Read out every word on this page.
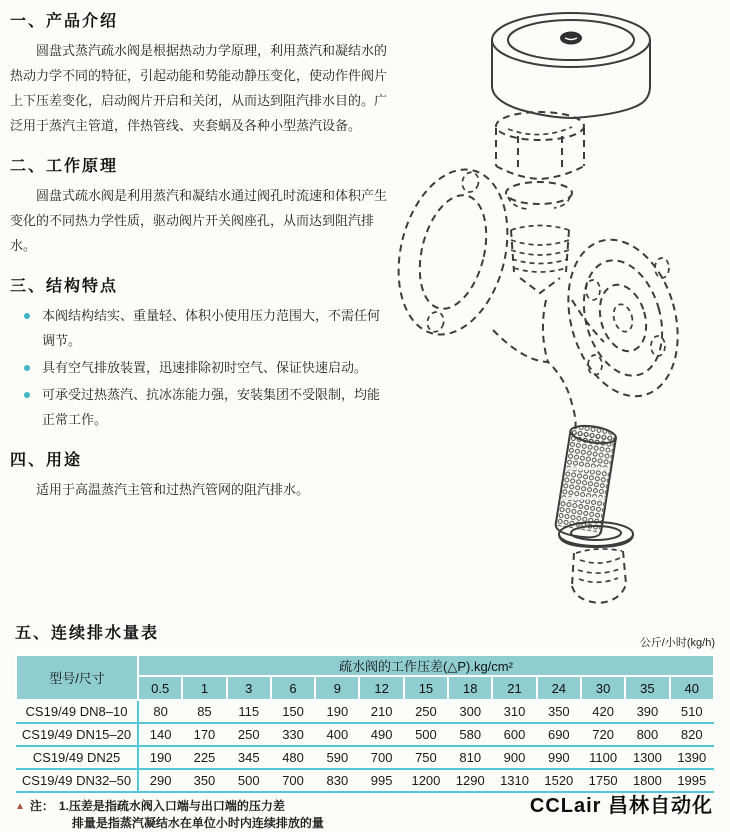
一、产品介绍

圆盘式蒸汽疏水阀是根据热动力学原理，利用蒸汽和凝结水的热动力学不同的特征，引起动能和势能动静压变化，使动作件阀片上下压差变化，启动阀片开启和关闭，从而达到阻汽排水目的。广泛用于蒸汽主管道，伴热管线、夹套蜗及各种小型蒸汽设备。

二、工作原理

圆盘式疏水阀是利用蒸汽和凝结水通过阀孔时流速和体积产生变化的不同热力学性质，驱动阀片开关阀座孔，从而达到阻汽排水。

三、结构特点
本阀结构结实、重量轻、体积小使用压力范围大，不需任何调节。
具有空气排放装置，迅速排除初时空气、保证快速启动。
可承受过热蒸汽、抗冰冻能力强，安装集团不受限制，均能正常工作。
四、用途

适用于高温蒸汽主管和过热汽管网的阻汽排水。

五、连续排水量表
公斤/小时(kg/h)
型号/尺寸	疏水阀的工作压差(△P).kg/cm²												
	0.5	1	3	6	9	12	15	18	21	24	30	35	40
CS19/49 DN8–10	80	85	115	150	190	210	250	300	310	350	420	390	510
CS19/49 DN15–20	140	170	250	330	400	490	500	580	600	690	720	800	820
CS19/49 DN25	190	225	345	480	590	700	750	810	900	990	1100	1300	1390
CS19/49 DN32–50	290	350	500	700	830	995	1200	1290	1310	1520	1750	1800	1995
▲ 注： 1.压差是指疏水阀入口端与出口端的压力差
排量是指蒸汽凝结水在单位小时内连续排放的量
CCLair 昌林自动化
